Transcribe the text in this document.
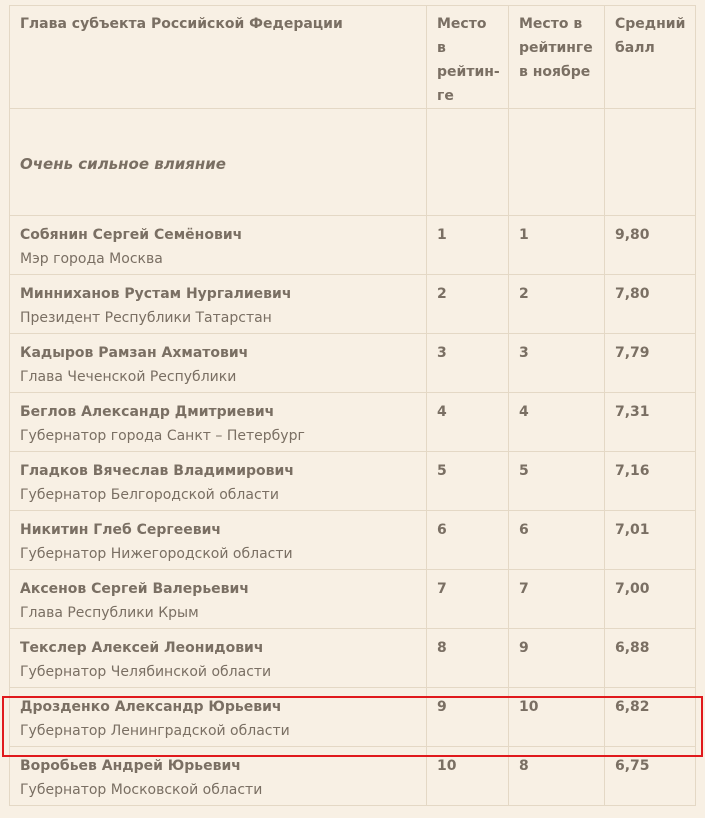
Глава субъекта Российской Федерации	Место в
рейтин-
ге	Место в
рейтинге
в ноябре	Средний
балл
Очень сильное влияние			

Собянин Сергей Семёнович
Мэр города Москва	1	1	9,80

Минниханов Рустам Нургалиевич
Президент Республики Татарстан	2	2	7,80

Кадыров Рамзан Ахматович
Глава Чеченской Республики	3	3	7,79

Беглов Александр Дмитриевич
Губернатор города Санкт – Петербург	4	4	7,31

Гладков Вячеслав Владимирович
Губернатор Белгородской области	5	5	7,16

Никитин Глеб Сергеевич
Губернатор Нижегородской области	6	6	7,01

Аксенов Сергей Валерьевич
Глава Республики Крым	7	7	7,00

Текслер Алексей Леонидович
Губернатор Челябинской области	8	9	6,88

Дрозденко Александр Юрьевич
Губернатор Ленинградской области	9	10	6,82

Воробьев Андрей Юрьевич
Губернатор Московской области	10	8	6,75
